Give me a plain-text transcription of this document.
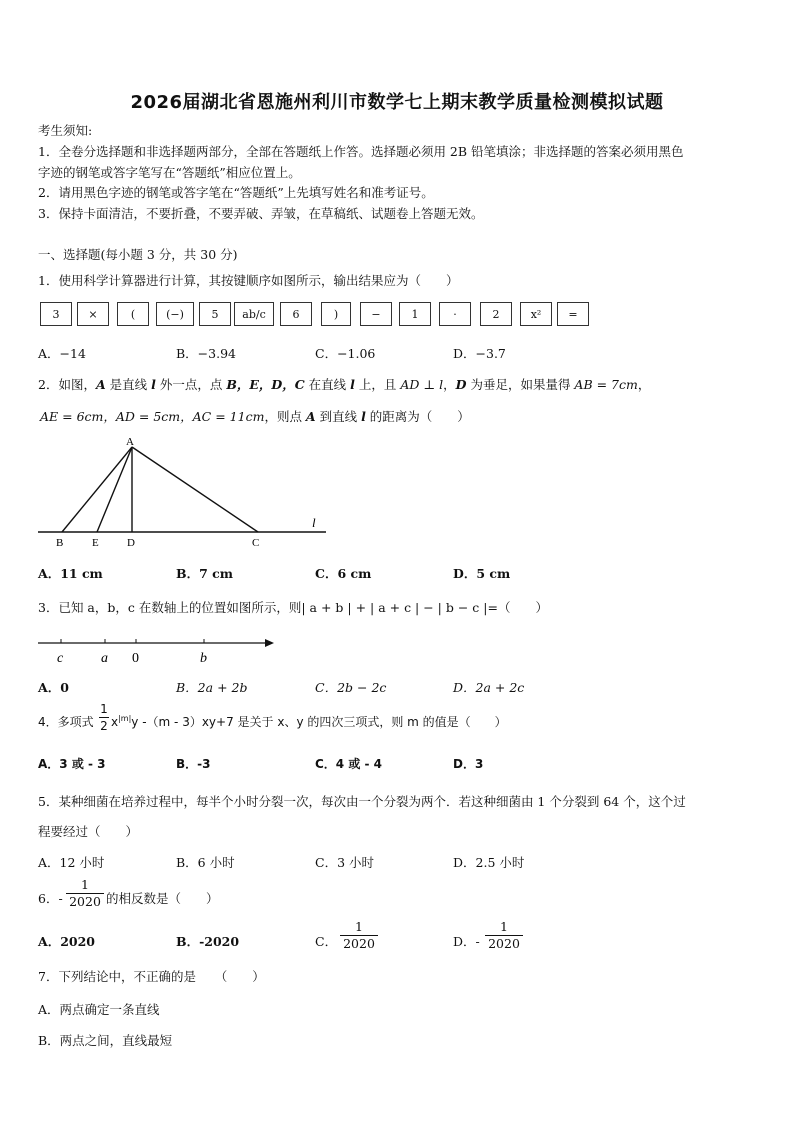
2026届湖北省恩施州利川市数学七上期末教学质量检测模拟试题
考生须知:
1．全卷分选择题和非选择题两部分，全部在答题纸上作答。选择题必须用 2B 铅笔填涂；非选择题的答案必须用黑色
字迹的钢笔或答字笔写在“答题纸”相应位置上。
2．请用黑色字迹的钢笔或答字笔在“答题纸”上先填写姓名和准考证号。
3．保持卡面清洁，不要折叠，不要弄破、弄皱，在草稿纸、试题卷上答题无效。
一、选择题(每小题 3 分，共 30 分)
1．使用科学计算器进行计算，其按键顺序如图所示，输出结果应为（　　）
3	×	(	(−)	5	ab/c	6	)	−	1	·	2	x²	=
A．−14	B．−3.94	C．−1.06	D．−3.7
2．如图，A 是直线 l 外一点，点 B，E，D，C 在直线 l 上，且 AD ⊥ l，D 为垂足，如果量得 AB = 7cm，
AE = 6cm，AD = 5cm，AC = 11cm，则点 A 到直线 l 的距离为（　　）
A
B	E	D	C
l
A．11 cm	B．7 cm	C．6 cm	D．5 cm
3．已知 a，b，c 在数轴上的位置如图所示，则| a + b | + | a + c | − | b − c |=（　　）
c	a 0	b
A．0	B．2a + 2b	C．2b − 2c	D．2a + 2c
4．多项式
1
2 $x^{|m|}y$ -（m - 3）xy+7 是关于 x、y 的四次三项式，则 m 的值是（　　）
A．3 或 - 3	B．-3	C．4 或 - 4	D．3
5．某种细菌在培养过程中，每半个小时分裂一次，每次由一个分裂为两个．若这种细菌由 1 个分裂到 64 个，这个过
程要经过（　　）
A．12 小时	B．6 小时	C．3 小时	D．2.5 小时
6．-
1
2020 的相反数是（　　）
A．2020	B．-2020	C．
1
2020	D．-
1
2020
7．下列结论中，不正确的是　　（　　）
A．两点确定一条直线
B．两点之间，直线最短
